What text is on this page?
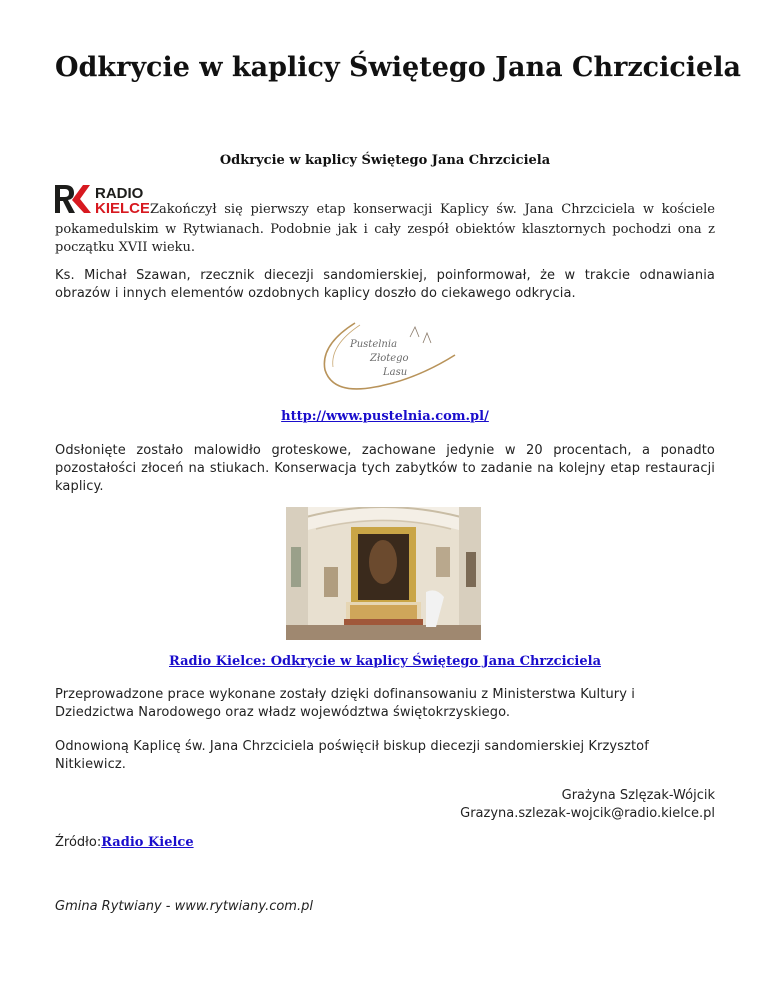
Odkrycie w kaplicy Świętego Jana Chrzciciela
Odkrycie w kaplicy Świętego Jana Chrzciciela
RADIO
KIELCE Zakończył się pierwszy etap konserwacji Kaplicy św. Jana Chrzciciela w kościele pokamedulskim w Rytwianach. Podobnie jak i cały zespół obiektów klasztornych pochodzi ona z początku XVII wieku.
Ks. Michał Szawan, rzecznik diecezji sandomierskiej, poinformował, że w trakcie odnawiania obrazów i innych elementów ozdobnych kaplicy doszło do ciekawego odkrycia.
Pustelnia
Złotego
Lasu
http://www.pustelnia.com.pl/
Odsłonięte zostało malowidło groteskowe, zachowane jedynie w 20 procentach, a ponadto pozostałości złoceń na stiukach. Konserwacja tych zabytków to zadanie na kolejny etap restauracji kaplicy.
Radio Kielce: Odkrycie w kaplicy Świętego Jana Chrzciciela
Przeprowadzone prace wykonane zostały dzięki dofinansowaniu z Ministerstwa Kultury i Dziedzictwa Narodowego oraz władz województwa świętokrzyskiego.
Odnowioną Kaplicę św. Jana Chrzciciela poświęcił biskup diecezji sandomierskiej Krzysztof Nitkiewicz.
Grażyna Szlęzak-Wójcik
Grazyna.szlezak-wojcik@radio.kielce.pl
Źródło:Radio Kielce
Gmina Rytwiany - www.rytwiany.com.pl
